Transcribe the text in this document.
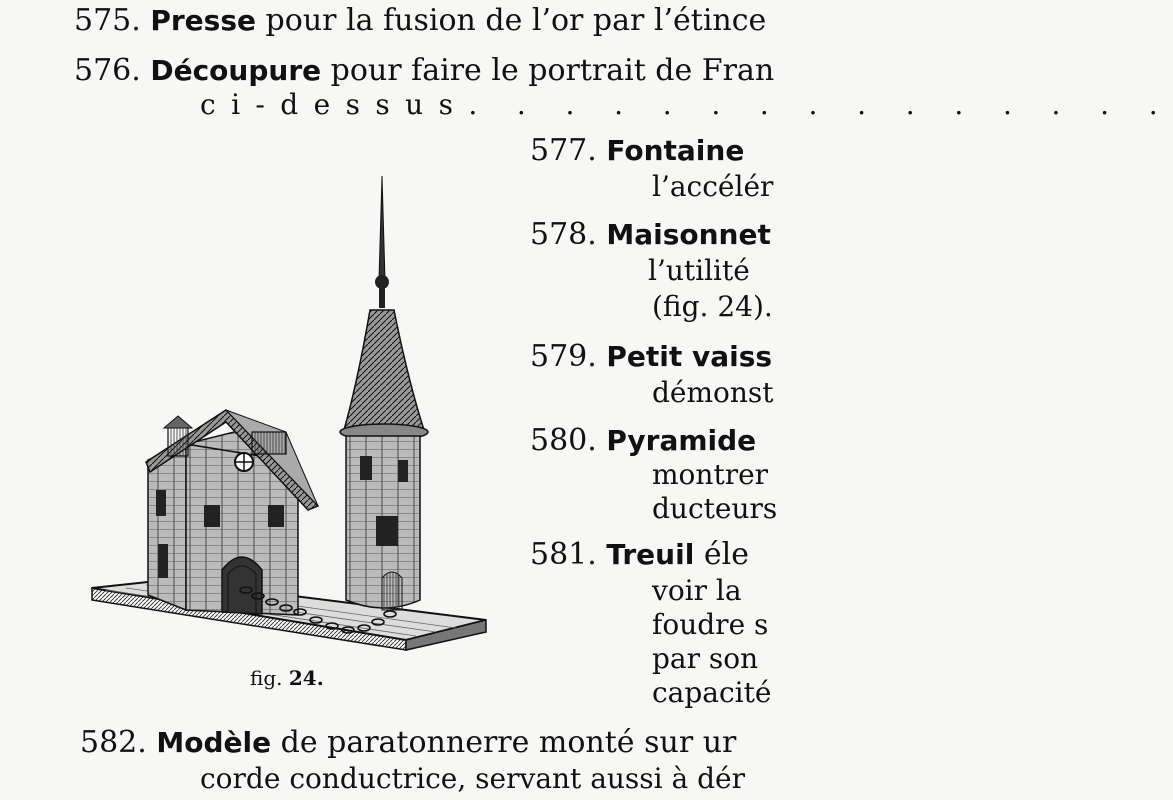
575. Presse pour la fusion de l’or par l’étince
576. Découpure pour faire le portrait de Fran
ci-dessus. . . . . . . . . . . . . . .
577. Fontaine
l’accélér
578. Maisonnet
l’utilité
(fig. 24).
579. Petit vaiss
démonst
580. Pyramide
montrer
ducteurs
581. Treuil éle
voir la
foudre s
par son
capacité
582. Modèle de paratonnerre monté sur ur
corde conductrice, servant aussi à dér
fig. 24.
